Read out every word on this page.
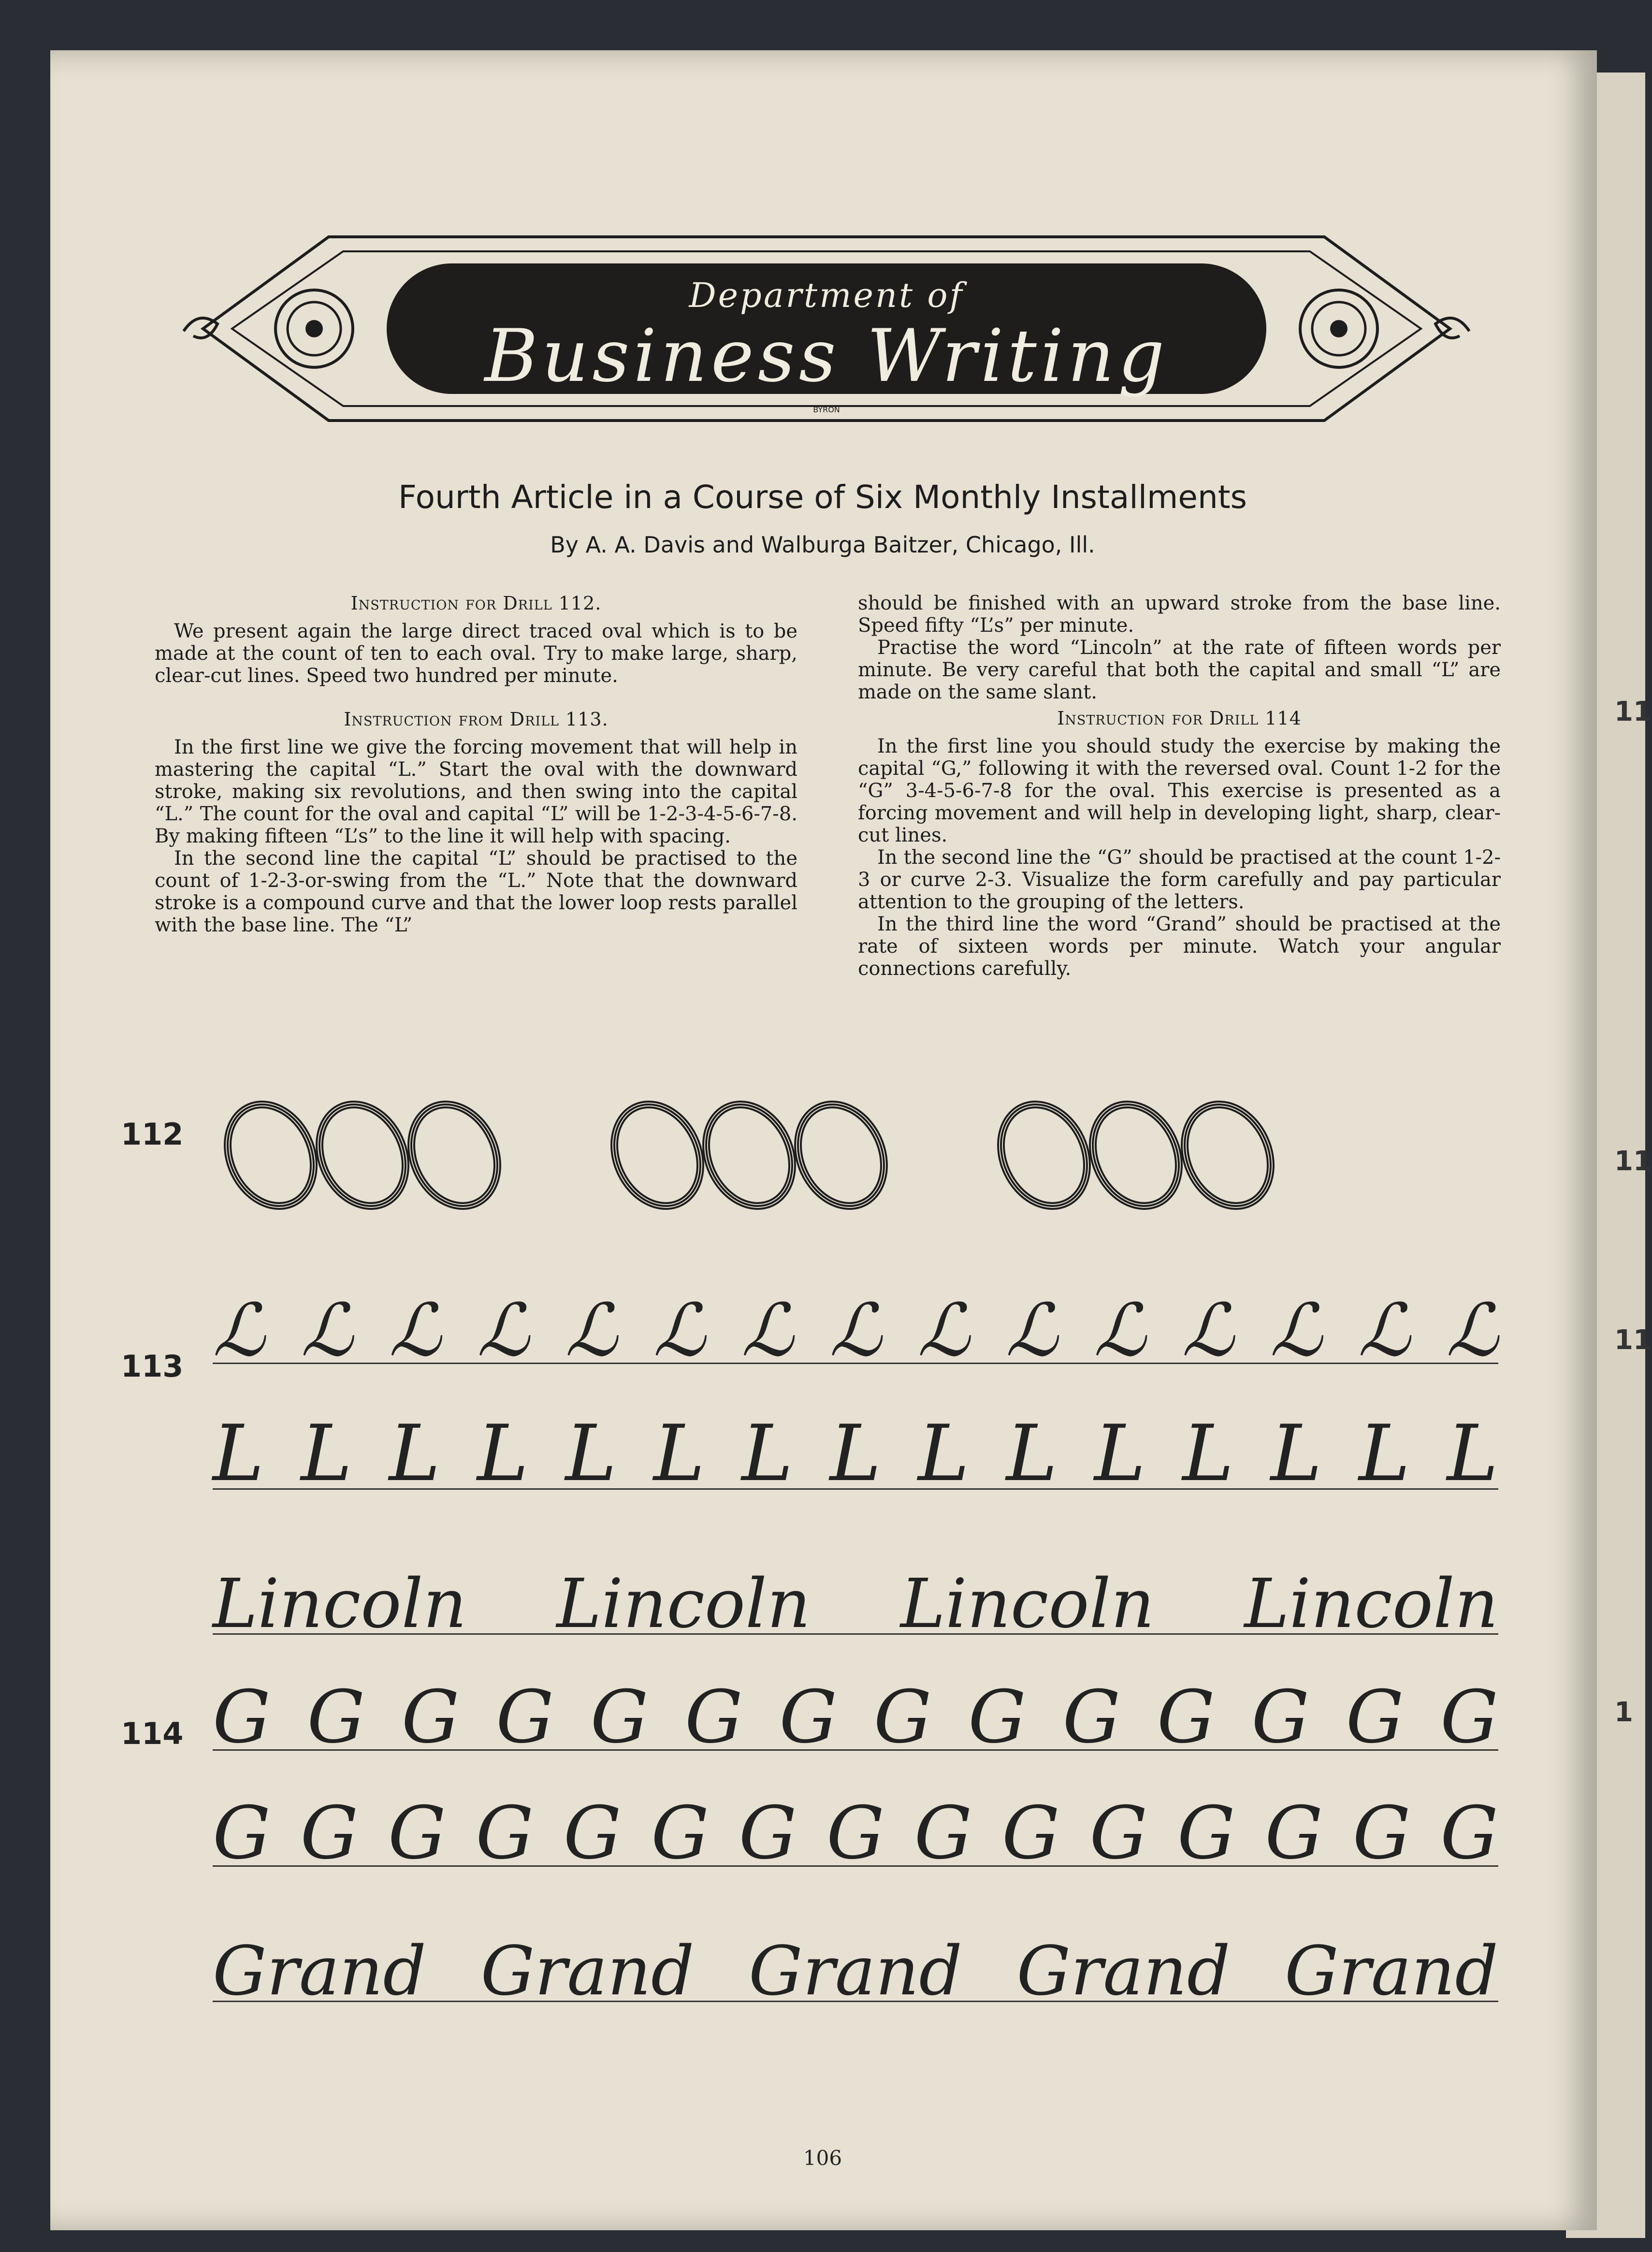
11
11
11
1
Department of
Business Writing
BYRON
Fourth Article in a Course of Six Monthly Installments
By A. A. Davis and Walburga Baitzer, Chicago, Ill.
Instruction for Drill 112.

We present again the large direct traced oval which is to be made at the count of ten to each oval. Try to make large, sharp, clear-cut lines. Speed two hundred per minute.

Instruction from Drill 113.

In the first line we give the forcing movement that will help in mastering the capital “L.” Start the oval with the downward stroke, making six revolutions, and then swing into the capital “L.” The count for the oval and capital “L” will be 1-2-3-4-5-6-7-8. By making fifteen “L’s” to the line it will help with spacing.

In the second line the capital “L” should be practised to the count of 1-2-3-or-swing from the “L.” Note that the downward stroke is a compound curve and that the lower loop rests parallel with the base line. The “L”

should be finished with an upward stroke from the base line. Speed fifty “L’s” per minute.

Practise the word “Lincoln” at the rate of fifteen words per minute. Be very careful that both the capital and small “L” are made on the same slant.

Instruction for Drill 114

In the first line you should study the exercise by making the capital “G,” following it with the reversed oval. Count 1-2 for the “G” 3-4-5-6-7-8 for the oval. This exercise is presented as a forcing movement and will help in developing light, sharp, clear-cut lines.

In the second line the “G” should be practised at the count 1-2-3 or curve 2-3. Visualize the form carefully and pay particular attention to the grouping of the letters.

In the third line the word “Grand” should be practised at the rate of sixteen words per minute. Watch your angular connections carefully.

112
113
114
ℒ ℒ ℒ ℒ ℒ ℒ ℒ ℒ ℒ ℒ ℒ ℒ ℒ ℒ ℒ
L L L L L L L L L L L L L L L
Lincoln Lincoln Lincoln Lincoln
G G G G G G G G G G G G G G
G G G G G G G G G G G G G G G
Grand Grand Grand Grand Grand
106
